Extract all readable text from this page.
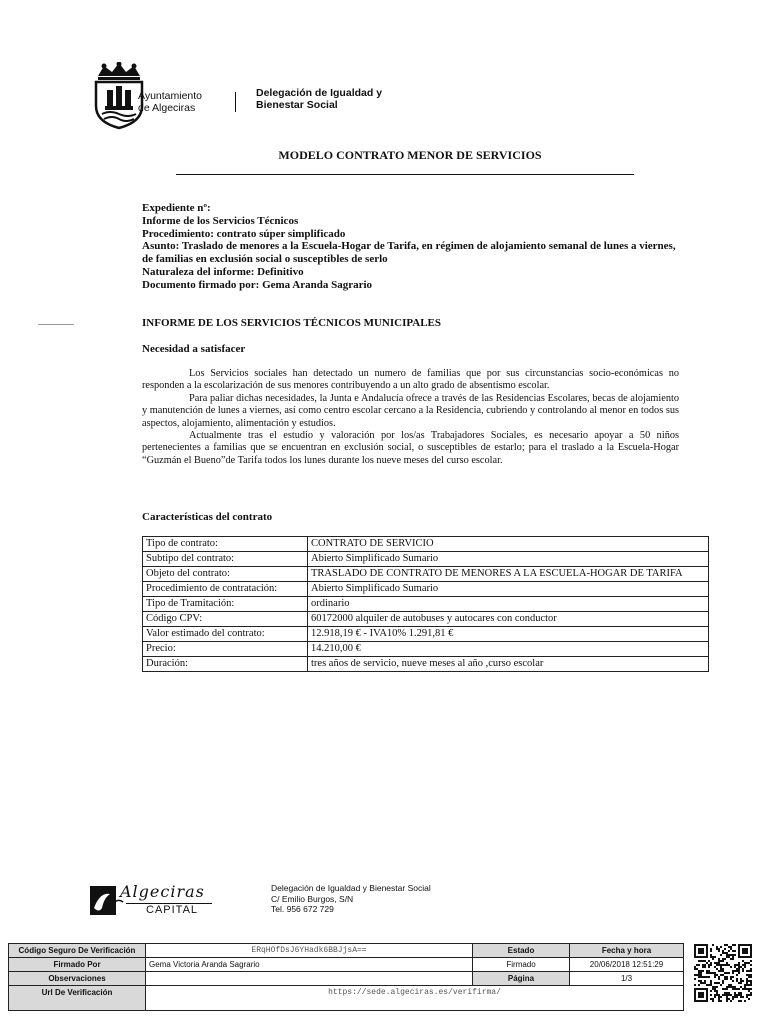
Ayuntamiento
de Algeciras
Delegación de Igualdad y
Bienestar Social
MODELO CONTRATO MENOR DE SERVICIOS
Expediente nº:
Informe de los Servicios Técnicos
Procedimiento: contrato súper simplificado
Asunto: Traslado de menores a la Escuela-Hogar de Tarifa, en régimen de alojamiento semanal de lunes a viernes, de familias en exclusión social o susceptibles de serlo
Naturaleza del informe: Definitivo
Documento firmado por: Gema Aranda Sagrario
INFORME DE LOS SERVICIOS TÉCNICOS MUNICIPALES
Necesidad a satisfacer

Los Servicios sociales han detectado un numero de familias que por sus circunstancias socio-económicas no responden a la escolarización de sus menores contribuyendo a un alto grado de absentismo escolar.

Para paliar dichas necesidades, la Junta e Andalucía ofrece a través de las Residencias Escolares, becas de alojamiento y manutención de lunes a viernes, así como centro escolar cercano a la Residencia, cubriendo y controlando al menor en todos sus aspectos, alojamiento, alimentación y estudios.

Actualmente tras el estudio y valoración por los/as Trabajadores Sociales, es necesario apoyar a 50 niños pertenecientes a familias que se encuentran en exclusión social, o susceptibles de estarlo; para el traslado a la Escuela-Hogar “Guzmán el Bueno”de Tarifa todos los lunes durante los nueve meses del curso escolar.

Características del contrato
Tipo de contrato:	CONTRATO DE SERVICIO
Subtipo del contrato:	Abierto Simplificado Sumario
Objeto del contrato:	TRASLADO DE CONTRATO DE MENORES A LA ESCUELA-HOGAR DE TARIFA
Procedimiento de contratación:	Abierto Simplificado Sumario
Tipo de Tramitación:	ordinario
Código CPV:	60172000 alquiler de autobuses y autocares con conductor
Valor estimado del contrato:	12.918,19 € - IVA10% 1.291,81 €
Precio:	14.210,00 €
Duración:	tres años de servicio, nueve meses al año ,curso escolar
Algeciras
CAPITAL
Delegación de Igualdad y Bienestar Social
C/ Emilio Burgos, S/N
Tel. 956 672 729
Código Seguro De Verificación	ERqHOfDsJ6YHadk6BBJjsA==	Estado	Fecha y hora
Firmado Por	Gema Victoria Aranda Sagrario	Firmado	20/06/2018 12:51:29
Observaciones		Página	1/3
Url De Verificación	https://sede.algeciras.es/verifirma/		
